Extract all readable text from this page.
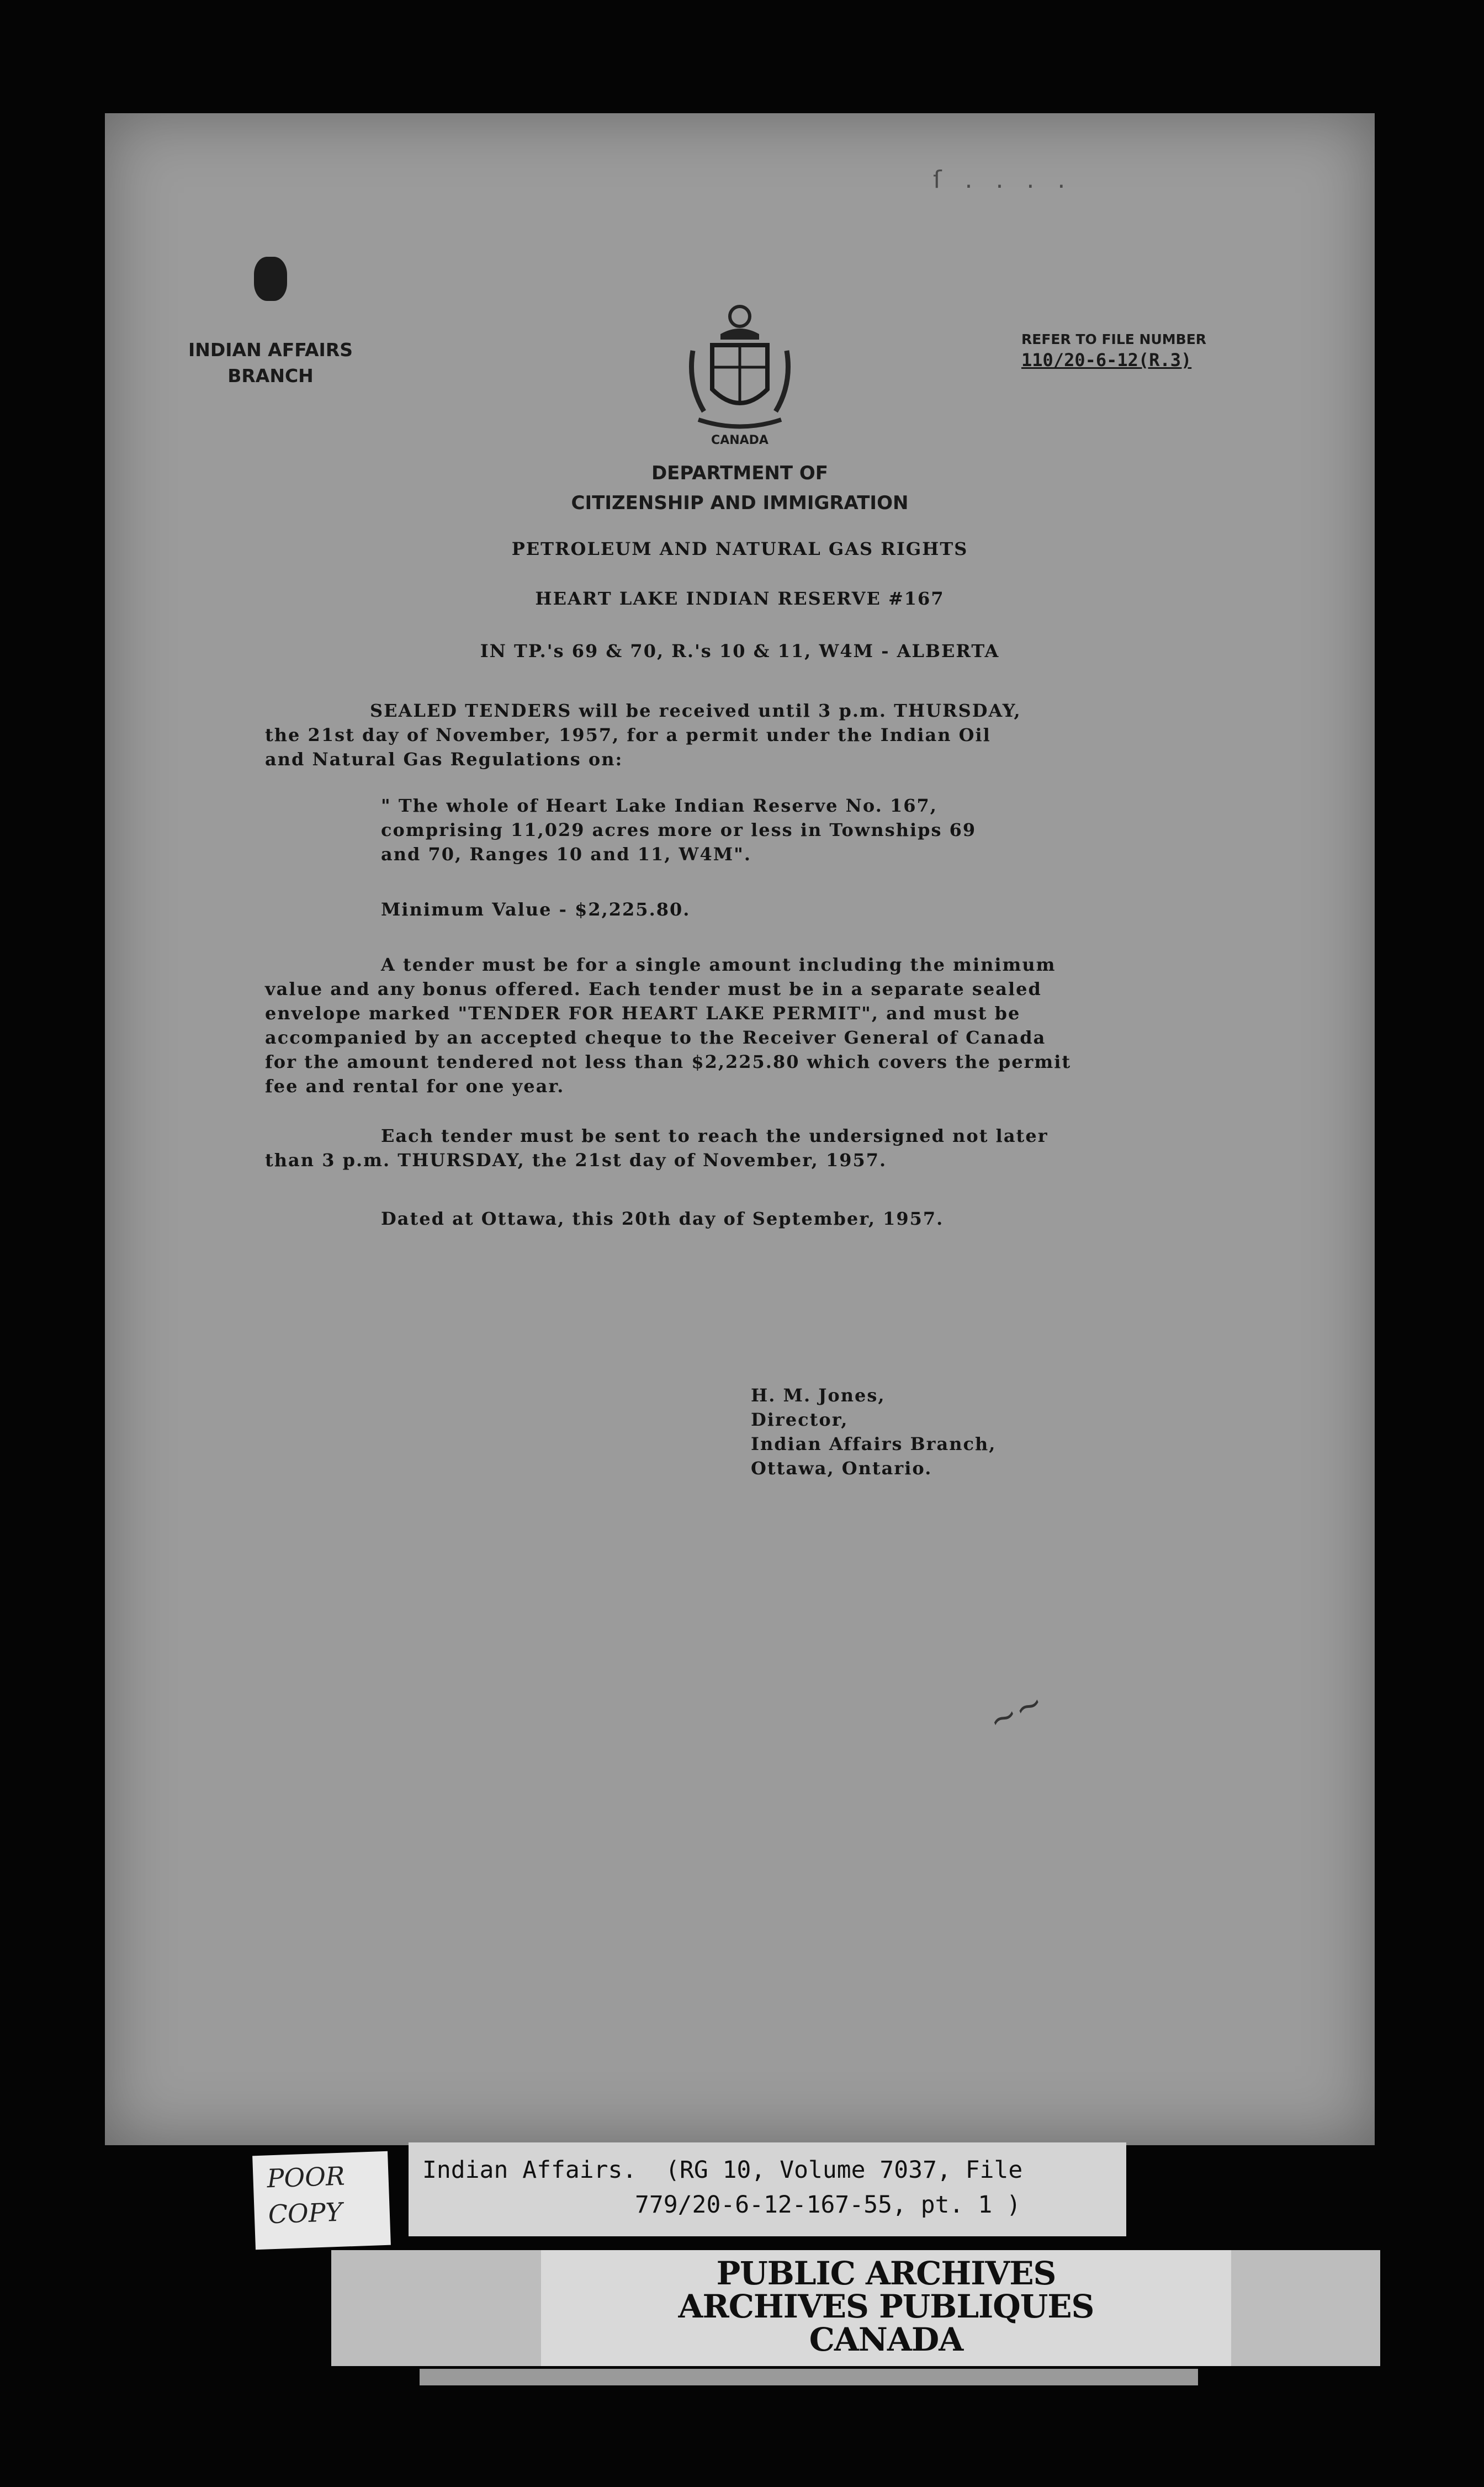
ſ . . . .
INDIAN AFFAIRS
BRANCH
CANADA
DEPARTMENT OF
CITIZENSHIP AND IMMIGRATION
REFER TO FILE NUMBER
110/20-6-12(R.3)
PETROLEUM AND NATURAL GAS RIGHTS
HEART LAKE INDIAN RESERVE #167
IN TP.'s 69 & 70, R.'s 10 & 11, W4M - ALBERTA
SEALED TENDERS will be received until 3 p.m. THURSDAY,
the 21st day of November, 1957, for a permit under the Indian Oil
and Natural Gas Regulations on:
" The whole of Heart Lake Indian Reserve No. 167,
comprising 11,029 acres more or less in Townships 69
and 70, Ranges 10 and 11, W4M".
Minimum Value - $2,225.80.
A tender must be for a single amount including the minimum
value and any bonus offered. Each tender must be in a separate sealed
envelope marked "TENDER FOR HEART LAKE PERMIT", and must be
accompanied by an accepted cheque to the Receiver General of Canada
for the amount tendered not less than $2,225.80 which covers the permit
fee and rental for one year.
Each tender must be sent to reach the undersigned not later
than 3 p.m. THURSDAY, the 21st day of November, 1957.
Dated at Ottawa, this 20th day of September, 1957.
H. M. Jones,
Director,
Indian Affairs Branch,
Ottawa, Ontario.
~~
POOR
COPY
Indian Affairs.  (RG 10, Volume 7037, File
779/20-6-12-167-55, pt. 1 )
PUBLIC ARCHIVES
ARCHIVES PUBLIQUES
CANADA
